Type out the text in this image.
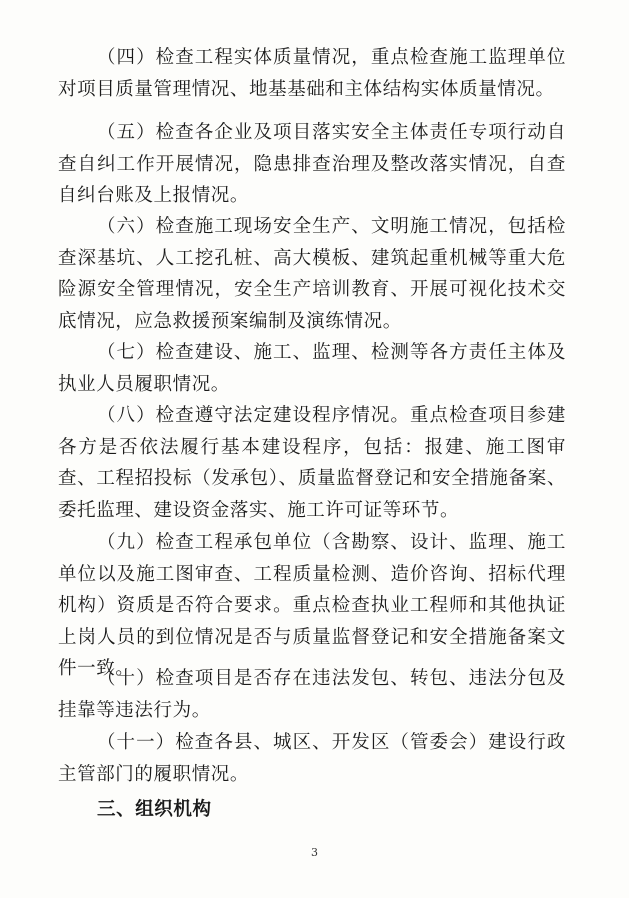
（四）检查工程实体质量情况，重点检查施工监理单位对项目质量管理情况、地基基础和主体结构实体质量情况。

（五）检查各企业及项目落实安全主体责任专项行动自查自纠工作开展情况，隐患排查治理及整改落实情况，自查自纠台账及上报情况。

（六）检查施工现场安全生产、文明施工情况，包括检查深基坑、人工挖孔桩、高大模板、建筑起重机械等重大危险源安全管理情况，安全生产培训教育、开展可视化技术交底情况，应急救援预案编制及演练情况。

（七）检查建设、施工、监理、检测等各方责任主体及执业人员履职情况。

（八）检查遵守法定建设程序情况。重点检查项目参建各方是否依法履行基本建设程序，包括：报建、施工图审查、工程招投标（发承包）、质量监督登记和安全措施备案、委托监理、建设资金落实、施工许可证等环节。

（九）检查工程承包单位（含勘察、设计、监理、施工单位以及施工图审查、工程质量检测、造价咨询、招标代理机构）资质是否符合要求。重点检查执业工程师和其他执证上岗人员的到位情况是否与质量监督登记和安全措施备案文件一致。

（十）检查项目是否存在违法发包、转包、违法分包及挂靠等违法行为。

（十一）检查各县、城区、开发区（管委会）建设行政主管部门的履职情况。

三、组织机构

3
